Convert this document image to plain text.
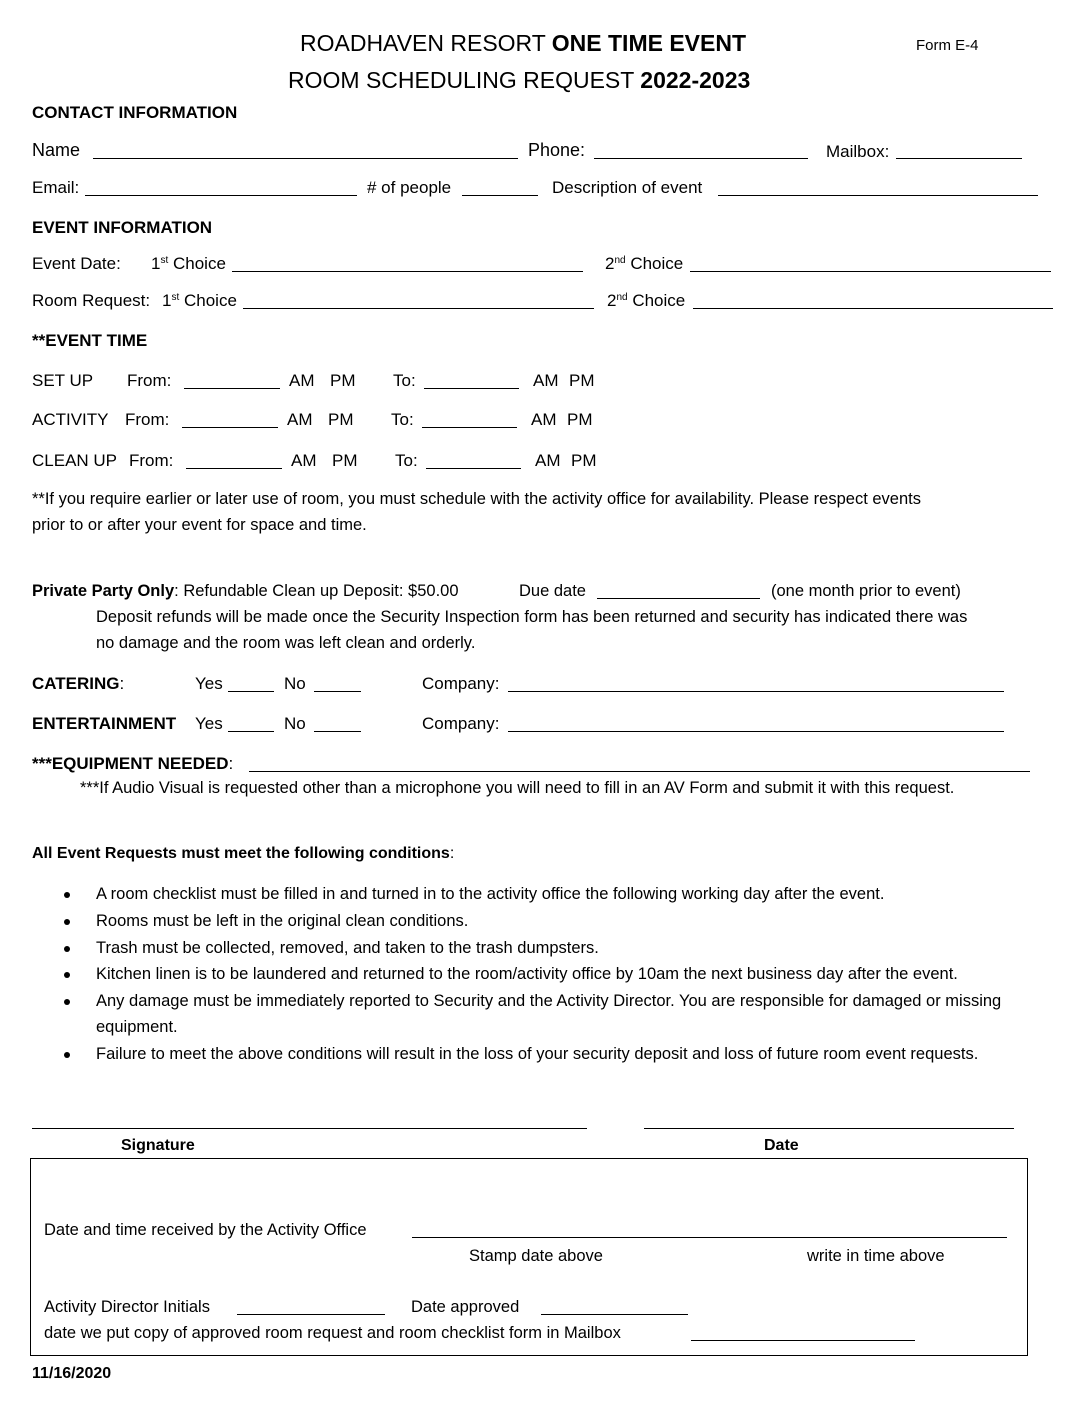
ROADHAVEN RESORT ONE TIME EVENT
ROOM SCHEDULING REQUEST 2022-2023
Form E-4
CONTACT INFORMATION
Name	Phone:	Mailbox:
Email:	# of people	Description of event
EVENT INFORMATION
Event Date: 1st Choice	2nd Choice
Room Request: 1st Choice	2nd Choice
**EVENT TIME
SET UP From:	AM PM To:	AM PM
ACTIVITY From:	AM PM To:	AM PM
CLEAN UP From:	AM PM To:	AM PM
**If you require earlier or later use of room, you must schedule with the activity office for availability. Please respect events
prior to or after your event for space and time.
Private Party Only: Refundable Clean up Deposit: $50.00	Due date	(one month prior to event)
Deposit refunds will be made once the Security Inspection form has been returned and security has indicated there was
no damage and the room was left clean and orderly.
CATERING:	Yes	No	Company:
ENTERTAINMENT Yes	No	Company:
***EQUIPMENT NEEDED:
***If Audio Visual is requested other than a microphone you will need to fill in an AV Form and submit it with this request.
All Event Requests must meet the following conditions:
A room checklist must be filled in and turned in to the activity office the following working day after the event.
Rooms must be left in the original clean conditions.
Trash must be collected, removed, and taken to the trash dumpsters.
Kitchen linen is to be laundered and returned to the room/activity office by 10am the next business day after the event.
Any damage must be immediately reported to Security and the Activity Director. You are responsible for damaged or missing equipment.
Failure to meet the above conditions will result in the loss of your security deposit and loss of future room event requests.
Signature	Date
Date and time received by the Activity Office
Stamp date above	write in time above
Activity Director Initials	Date approved
date we put copy of approved room request and room checklist form in Mailbox
11/16/2020
